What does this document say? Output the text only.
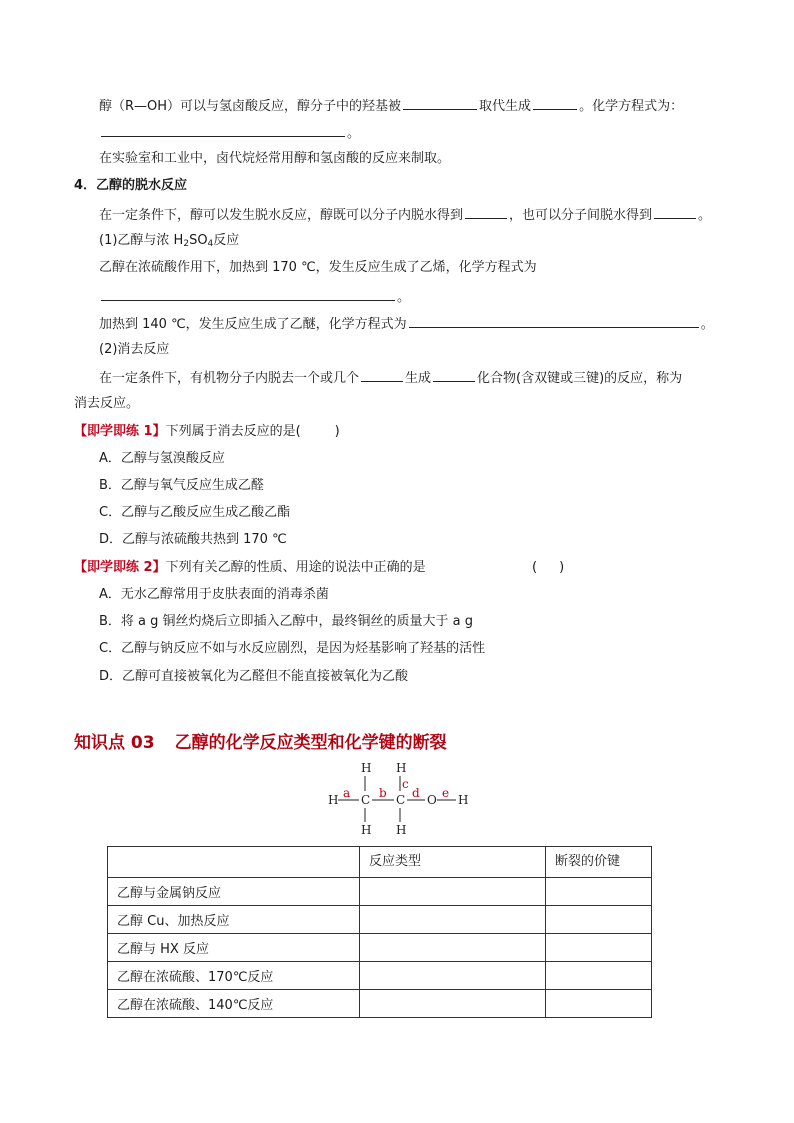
醇（R—OH）可以与氢卤酸反应，醇分子中的羟基被	取代生成	。化学方程式为：
。
在实验室和工业中，卤代烷烃常用醇和氢卤酸的反应来制取。
4．乙醇的脱水反应
在一定条件下，醇可以发生脱水反应，醇既可以分子内脱水得到	，也可以分子间脱水得到	。
(1)乙醇与浓 $H_2SO_4$反应
乙醇在浓硫酸作用下，加热到 170 ℃，发生反应生成了乙烯，化学方程式为
。
加热到 140 ℃，发生反应生成了乙醚，化学方程式为	。
(2)消去反应
在一定条件下，有机物分子内脱去一个或几个	生成	化合物(含双键或三键)的反应，称为
消去反应。
【即学即练 1】下列属于消去反应的是(	)
A．乙醇与氢溴酸反应
B．乙醇与氧气反应生成乙醛
C．乙醇与乙酸反应生成乙酸乙酯
D．乙醇与浓硫酸共热到 170 ℃
【即学即练 2】下列有关乙醇的性质、用途的说法中正确的是	( )
A．无水乙醇常用于皮肤表面的消毒杀菌
B．将 a g 铜丝灼烧后立即插入乙醇中，最终铜丝的质量大于 a g
C．乙醇与钠反应不如与水反应剧烈，是因为烃基影响了羟基的活性
D．乙醇可直接被氧化为乙醛但不能直接被氧化为乙酸
知识点 03 乙醇的化学反应类型和化学键的断裂
H H
H C C O H
H H
a b
c
d e
	反应类型	断裂的价键
乙醇与金属钠反应		
乙醇 Cu、加热反应		
乙醇与 HX 反应		
乙醇在浓硫酸、170℃反应		
乙醇在浓硫酸、140℃反应		
